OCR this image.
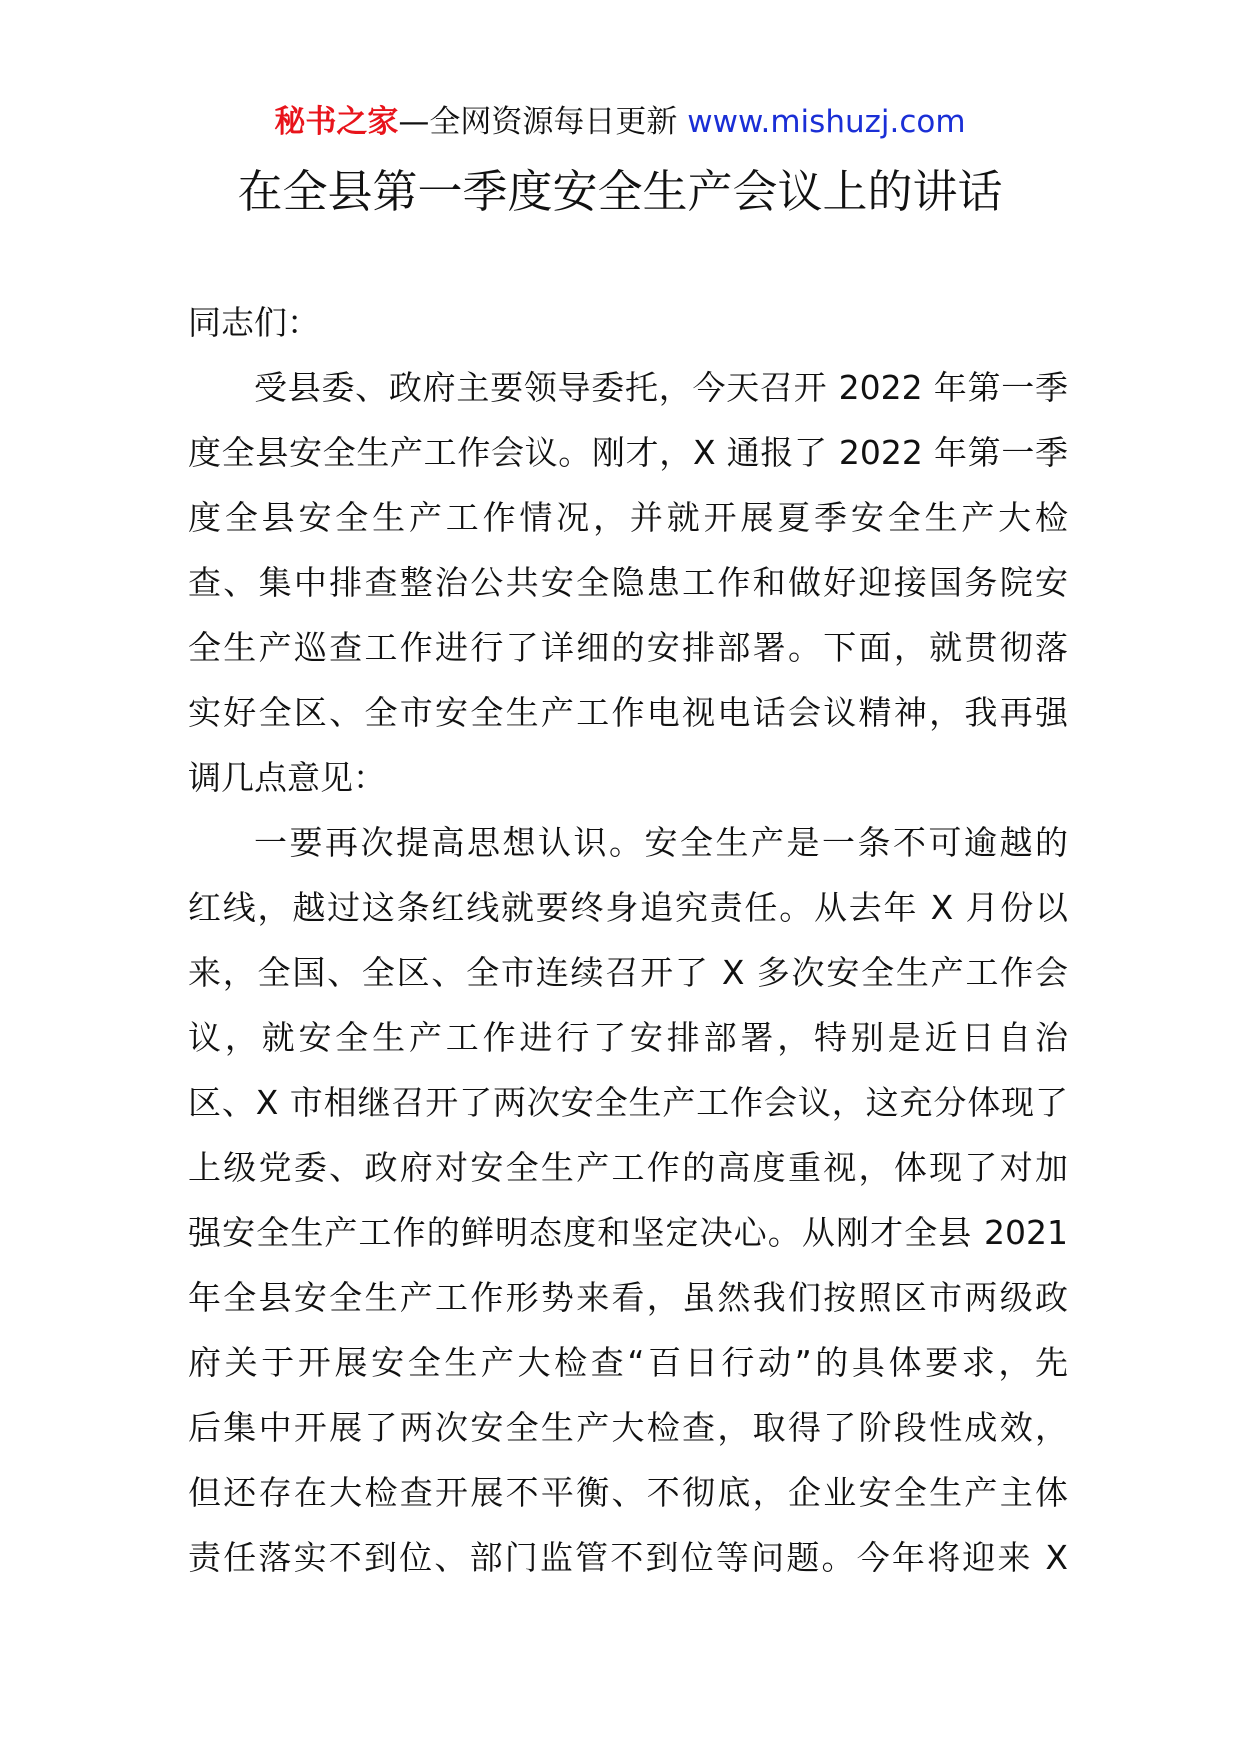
秘书之家—全网资源每日更新 www.mishuzj.com
在全县第一季度安全生产会议上的讲话
同志们：
受县委、政府主要领导委托，今天召开 2022 年第一季
度全县安全生产工作会议。刚才，X 通报了 2022 年第一季
度全县安全生产工作情况，并就开展夏季安全生产大检
查、集中排查整治公共安全隐患工作和做好迎接国务院安
全生产巡查工作进行了详细的安排部署。下面，就贯彻落
实好全区、全市安全生产工作电视电话会议精神，我再强
调几点意见：
一要再次提高思想认识。安全生产是一条不可逾越的
红线，越过这条红线就要终身追究责任。从去年 X 月份以
来，全国、全区、全市连续召开了 X 多次安全生产工作会
议，就安全生产工作进行了安排部署，特别是近日自治
区、X 市相继召开了两次安全生产工作会议，这充分体现了
上级党委、政府对安全生产工作的高度重视，体现了对加
强安全生产工作的鲜明态度和坚定决心。从刚才全县 2021
年全县安全生产工作形势来看，虽然我们按照区市两级政
府关于开展安全生产大检查“百日行动”的具体要求，先
后集中开展了两次安全生产大检查，取得了阶段性成效，
但还存在大检查开展不平衡、不彻底，企业安全生产主体
责任落实不到位、部门监管不到位等问题。今年将迎来 X
